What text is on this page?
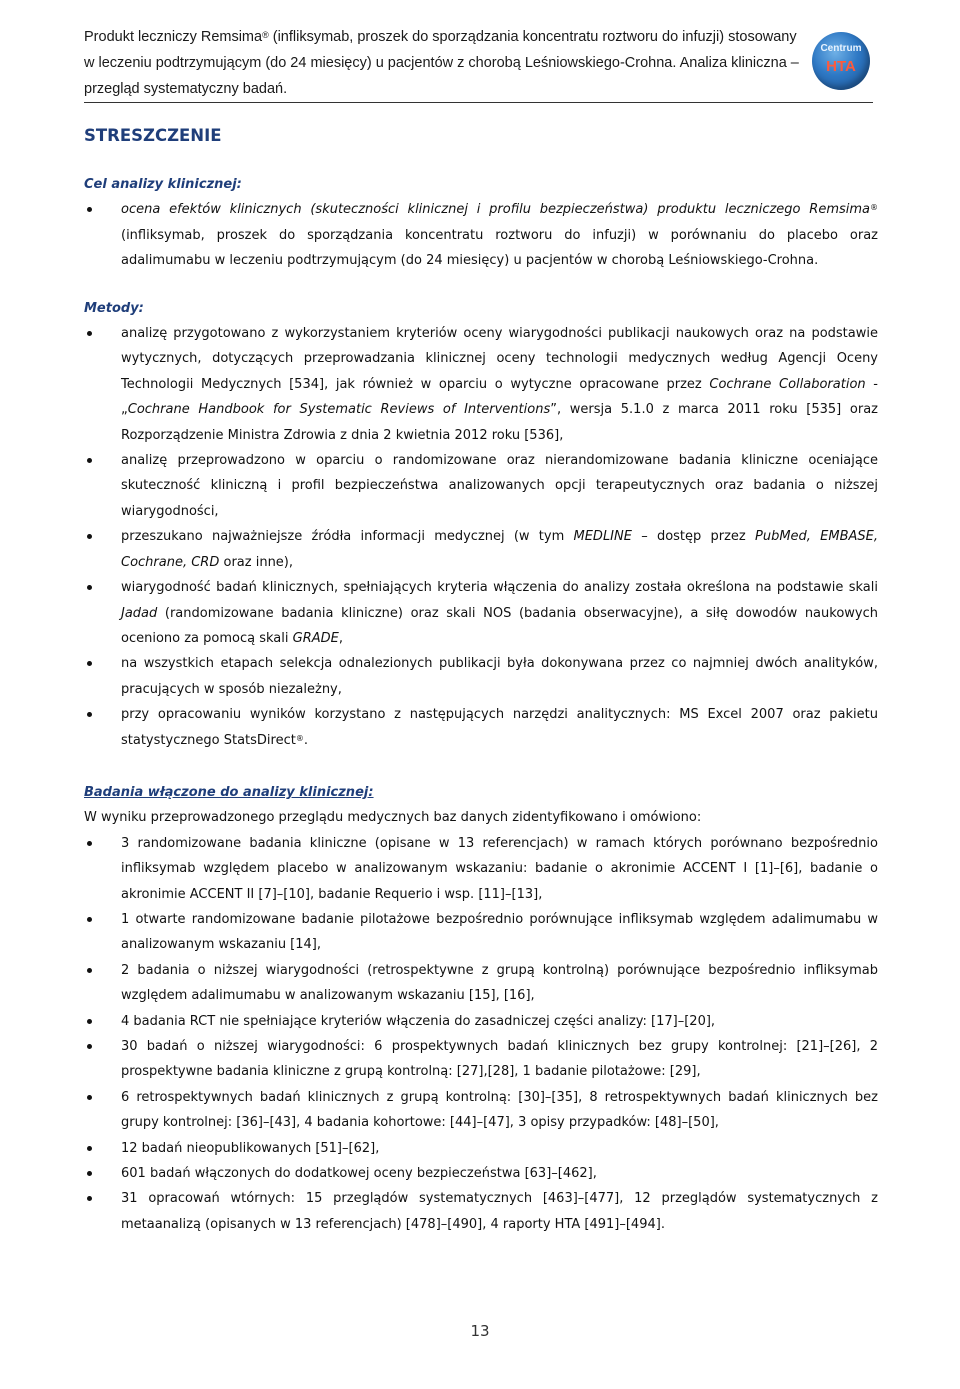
Produkt leczniczy Remsima® (infliksymab, proszek do sporządzania koncentratu roztworu do infuzji) stosowany w leczeniu podtrzymującym (do 24 miesięcy) u pacjentów z chorobą Leśniowskiego-Crohna. Analiza kliniczna – przegląd systematyczny badań.
Centrum
HTA
STRESZCZENIE

Cel analizy klinicznej:

ocena efektów klinicznych (skuteczności klinicznej i profilu bezpieczeństwa) produktu leczniczego Remsima® (infliksymab, proszek do sporządzania koncentratu roztworu do infuzji) w porównaniu do placebo oraz adalimumabu w leczeniu podtrzymującym (do 24 miesięcy) u pacjentów w chorobą Leśniowskiego-Crohna.

Metody:

analizę przygotowano z wykorzystaniem kryteriów oceny wiarygodności publikacji naukowych oraz na podstawie wytycznych, dotyczących przeprowadzania klinicznej oceny technologii medycznych według Agencji Oceny Technologii Medycznych [534], jak również w oparciu o wytyczne opracowane przez Cochrane Collaboration - „Cochrane Handbook for Systematic Reviews of Interventions”, wersja 5.1.0 z marca 2011 roku [535] oraz Rozporządzenie Ministra Zdrowia z dnia 2 kwietnia 2012 roku [536],
analizę przeprowadzono w oparciu o randomizowane oraz nierandomizowane badania kliniczne oceniające skuteczność kliniczną i profil bezpieczeństwa analizowanych opcji terapeutycznych oraz badania o niższej wiarygodności,
przeszukano najważniejsze źródła informacji medycznej (w tym MEDLINE – dostęp przez PubMed, EMBASE, Cochrane, CRD oraz inne),
wiarygodność badań klinicznych, spełniających kryteria włączenia do analizy została określona na podstawie skali Jadad (randomizowane badania kliniczne) oraz skali NOS (badania obserwacyjne), a siłę dowodów naukowych oceniono za pomocą skali GRADE,
na wszystkich etapach selekcja odnalezionych publikacji była dokonywana przez co najmniej dwóch analityków, pracujących w sposób niezależny,
przy opracowaniu wyników korzystano z następujących narzędzi analitycznych: MS Excel 2007 oraz pakietu statystycznego StatsDirect®.

Badania włączone do analizy klinicznej:

W wyniku przeprowadzonego przeglądu medycznych baz danych zidentyfikowano i omówiono:

3 randomizowane badania kliniczne (opisane w 13 referencjach) w ramach których porównano bezpośrednio infliksymab względem placebo w analizowanym wskazaniu: badanie o akronimie ACCENT I [1]–[6], badanie o akronimie ACCENT II [7]–[10], badanie Requerio i wsp. [11]–[13],
1 otwarte randomizowane badanie pilotażowe bezpośrednio porównujące infliksymab względem adalimumabu w analizowanym wskazaniu [14],
2 badania o niższej wiarygodności (retrospektywne z grupą kontrolną) porównujące bezpośrednio infliksymab względem adalimumabu w analizowanym wskazaniu [15], [16],
4 badania RCT nie spełniające kryteriów włączenia do zasadniczej części analizy: [17]–[20],
30 badań o niższej wiarygodności: 6 prospektywnych badań klinicznych bez grupy kontrolnej: [21]–[26], 2 prospektywne badania kliniczne z grupą kontrolną: [27],[28], 1 badanie pilotażowe: [29],
6 retrospektywnych badań klinicznych z grupą kontrolną: [30]–[35], 8 retrospektywnych badań klinicznych bez grupy kontrolnej: [36]–[43], 4 badania kohortowe: [44]–[47], 3 opisy przypadków: [48]–[50],
12 badań nieopublikowanych [51]–[62],
601 badań włączonych do dodatkowej oceny bezpieczeństwa [63]–[462],
31 opracowań wtórnych: 15 przeglądów systematycznych [463]–[477], 12 przeglądów systematycznych z metaanalizą (opisanych w 13 referencjach) [478]–[490], 4 raporty HTA [491]–[494].
13
